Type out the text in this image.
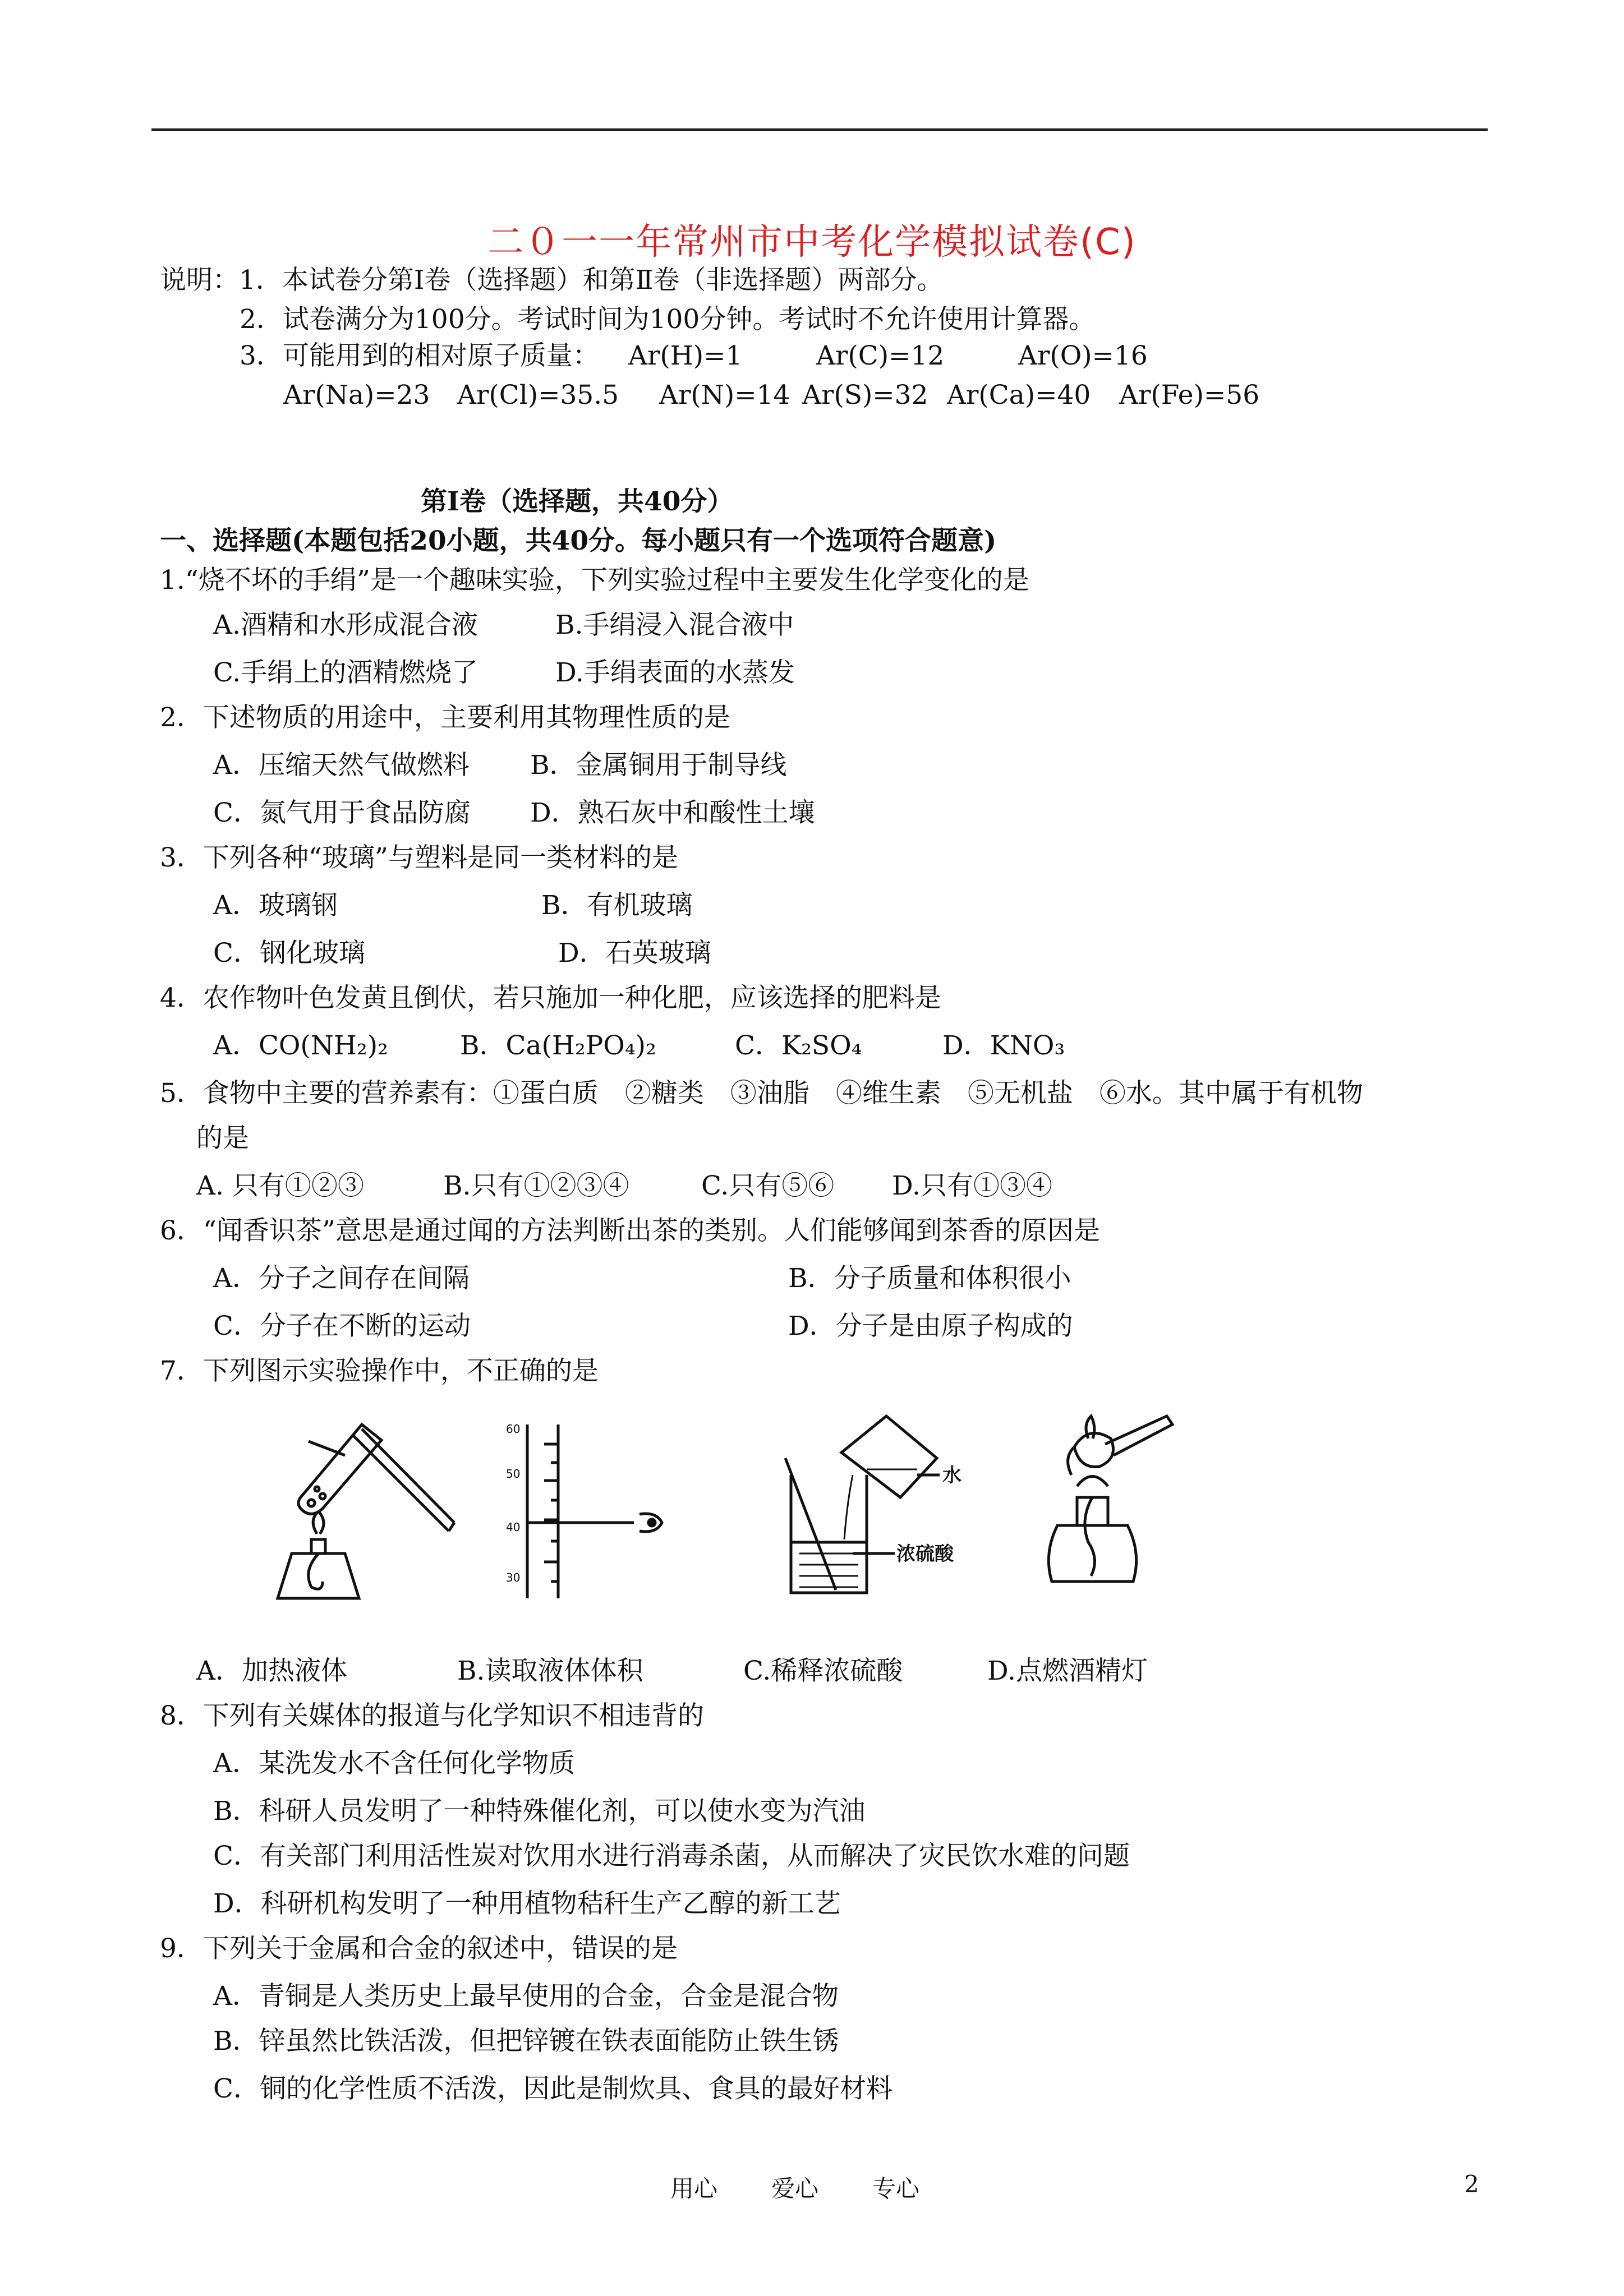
二０一一年常州市中考化学模拟试卷(C)
说明：1．本试卷分第Ⅰ卷（选择题）和第Ⅱ卷（非选择题）两部分。
2．试卷满分为100分。考试时间为100分钟。考试时不允许使用计算器。
3．可能用到的相对原子质量： Ar(H)=1	Ar(C)=12	Ar(O)=16
Ar(Na)=23 Ar(Cl)=35.5 Ar(N)=14 Ar(S)=32 Ar(Ca)=40 Ar(Fe)=56
第Ⅰ卷（选择题，共40分）
一、选择题(本题包括20小题，共40分。每小题只有一个选项符合题意)
1.“烧不坏的手绢”是一个趣味实验，下列实验过程中主要发生化学变化的是
A.酒精和水形成混合液	B.手绢浸入混合液中
C.手绢上的酒精燃烧了	D.手绢表面的水蒸发
2．下述物质的用途中，主要利用其物理性质的是
A．压缩天然气做燃料 B．金属铜用于制导线
C．氮气用于食品防腐 D．熟石灰中和酸性土壤
3．下列各种“玻璃”与塑料是同一类材料的是
A．玻璃钢	B．有机玻璃
C．钢化玻璃	D．石英玻璃
4．农作物叶色发黄且倒伏，若只施加一种化肥，应该选择的肥料是
A．CO(NH₂)₂	B．Ca(H₂PO₄)₂	C．K₂SO₄	D．KNO₃
5．食物中主要的营养素有：①蛋白质　②糖类　③油脂　④维生素　⑤无机盐　⑥水。其中属于有机物
的是
A. 只有①②③	B.只有①②③④	C.只有⑤⑥ D.只有①③④
6．“闻香识茶”意思是通过闻的方法判断出茶的类别。人们能够闻到茶香的原因是
A．分子之间存在间隔	B．分子质量和体积很小
C．分子在不断的运动	D．分子是由原子构成的
7．下列图示实验操作中，不正确的是
60
50
40
30
水
浓硫酸
A．加热液体	B.读取液体体积	C.稀释浓硫酸	D.点燃酒精灯
8．下列有关媒体的报道与化学知识不相违背的
A．某洗发水不含任何化学物质
B．科研人员发明了一种特殊催化剂，可以使水变为汽油
C．有关部门利用活性炭对饮用水进行消毒杀菌，从而解决了灾民饮水难的问题
D．科研机构发明了一种用植物秸秆生产乙醇的新工艺
9．下列关于金属和合金的叙述中，错误的是
A．青铜是人类历史上最早使用的合金，合金是混合物
B．锌虽然比铁活泼，但把锌镀在铁表面能防止铁生锈
C．铜的化学性质不活泼，因此是制炊具、食具的最好材料
用心 爱心 专心	2
